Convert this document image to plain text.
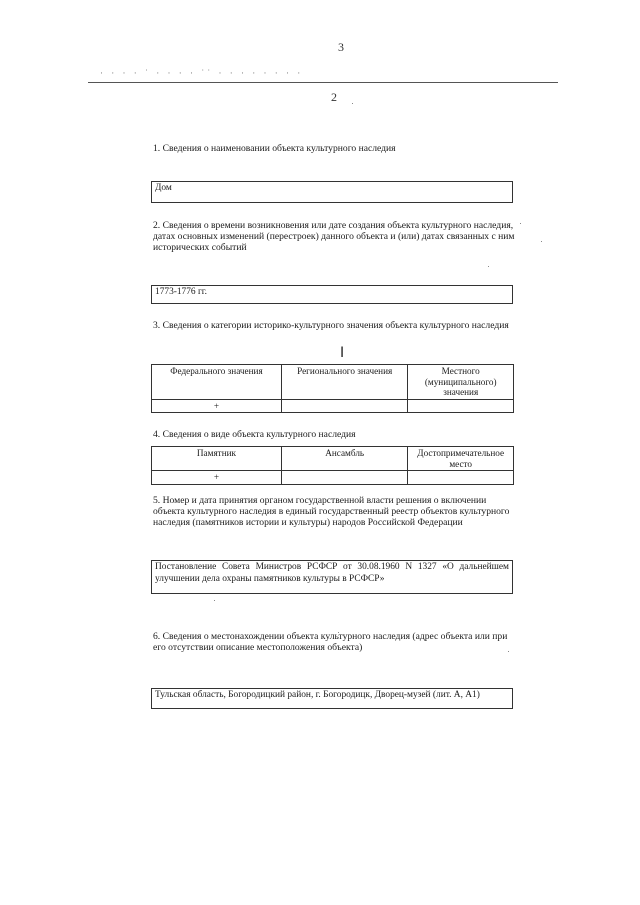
3
· · · · ˙ · · · · ˙˙ · · · · · · · ·
2
1. Сведения о наименовании объекта культурного наследия
Дом
2. Сведения о времени возникновения или дате создания объекта культурного наследия, датах основных изменений (перестроек) данного объекта и (или) датах связанных с ним исторических событий
1773-1776 гг.
3. Сведения о категории историко-культурного значения объекта культурного наследия
I
Федерального значения	Регионального значения	Местного (муниципального) значения
+		
4. Сведения о виде объекта культурного наследия
Памятник	Ансамбль	Достопримечательное место
+		
5. Номер и дата принятия органом государственной власти решения о включении объекта культурного наследия в единый государственный реестр объектов культурного наследия (памятников истории и культуры) народов Российской Федерации
Постановление Совета Министров РСФСР от 30.08.1960 N 1327 «О дальнейшем улучшении дела охраны памятников культуры в РСФСР»
6. Сведения о местонахождении объекта культурного наследия (адрес объекта или при его отсутствии описание местоположения объекта)
Тульская область, Богородицкий район, г. Богородицк, Дворец-музей (лит. А, А1)
